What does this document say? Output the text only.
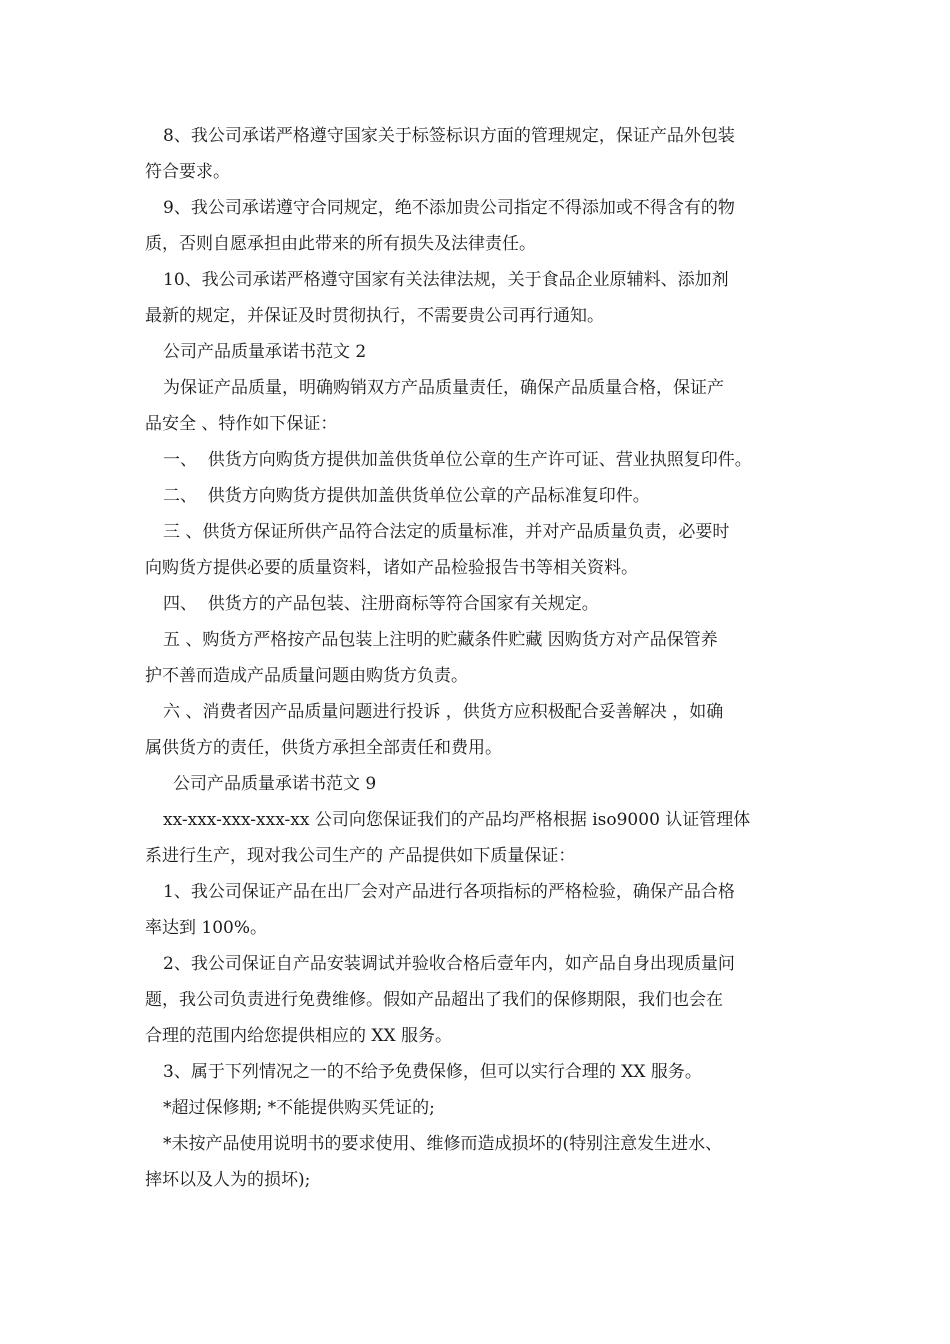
8、我公司承诺严格遵守国家关于标签标识方面的管理规定，保证产品外包装
符合要求。
9、我公司承诺遵守合同规定，绝不添加贵公司指定不得添加或不得含有的物
质，否则自愿承担由此带来的所有损失及法律责任。
10、我公司承诺严格遵守国家有关法律法规，关于食品企业原辅料、添加剂
最新的规定，并保证及时贯彻执行，不需要贵公司再行通知。
公司产品质量承诺书范文 2
为保证产品质量，明确购销双方产品质量责任，确保产品质量合格，保证产
品安全 、特作如下保证：
一、  供货方向购货方提供加盖供货单位公章的生产许可证、营业执照复印件。
二、  供货方向购货方提供加盖供货单位公章的产品标准复印件。
三 、供货方保证所供产品符合法定的质量标准，并对产品质量负责，必要时
向购货方提供必要的质量资料，诸如产品检验报告书等相关资料。
四、  供货方的产品包装、注册商标等符合国家有关规定。
五 、购货方严格按产品包装上注明的贮藏条件贮藏 因购货方对产品保管养
护不善而造成产品质量问题由购货方负责。
六 、消费者因产品质量问题进行投诉 ，供货方应积极配合妥善解决 ，如确
属供货方的责任，供货方承担全部责任和费用。
公司产品质量承诺书范文 9
xx-xxx-xxx-xxx-xx 公司向您保证我们的产品均严格根据 iso9000 认证管理体
系进行生产，现对我公司生产的 产品提供如下质量保证：
1、我公司保证产品在出厂会对产品进行各项指标的严格检验，确保产品合格
率达到 100%。
2、我公司保证自产品安装调试并验收合格后壹年内，如产品自身出现质量问
题，我公司负责进行免费维修。假如产品超出了我们的保修期限，我们也会在
合理的范围内给您提供相应的 XX 服务。
3、属于下列情况之一的不给予免费保修，但可以实行合理的 XX 服务。
*超过保修期; *不能提供购买凭证的;
*未按产品使用说明书的要求使用、维修而造成损坏的(特别注意发生进水、
摔坏以及人为的损坏);
